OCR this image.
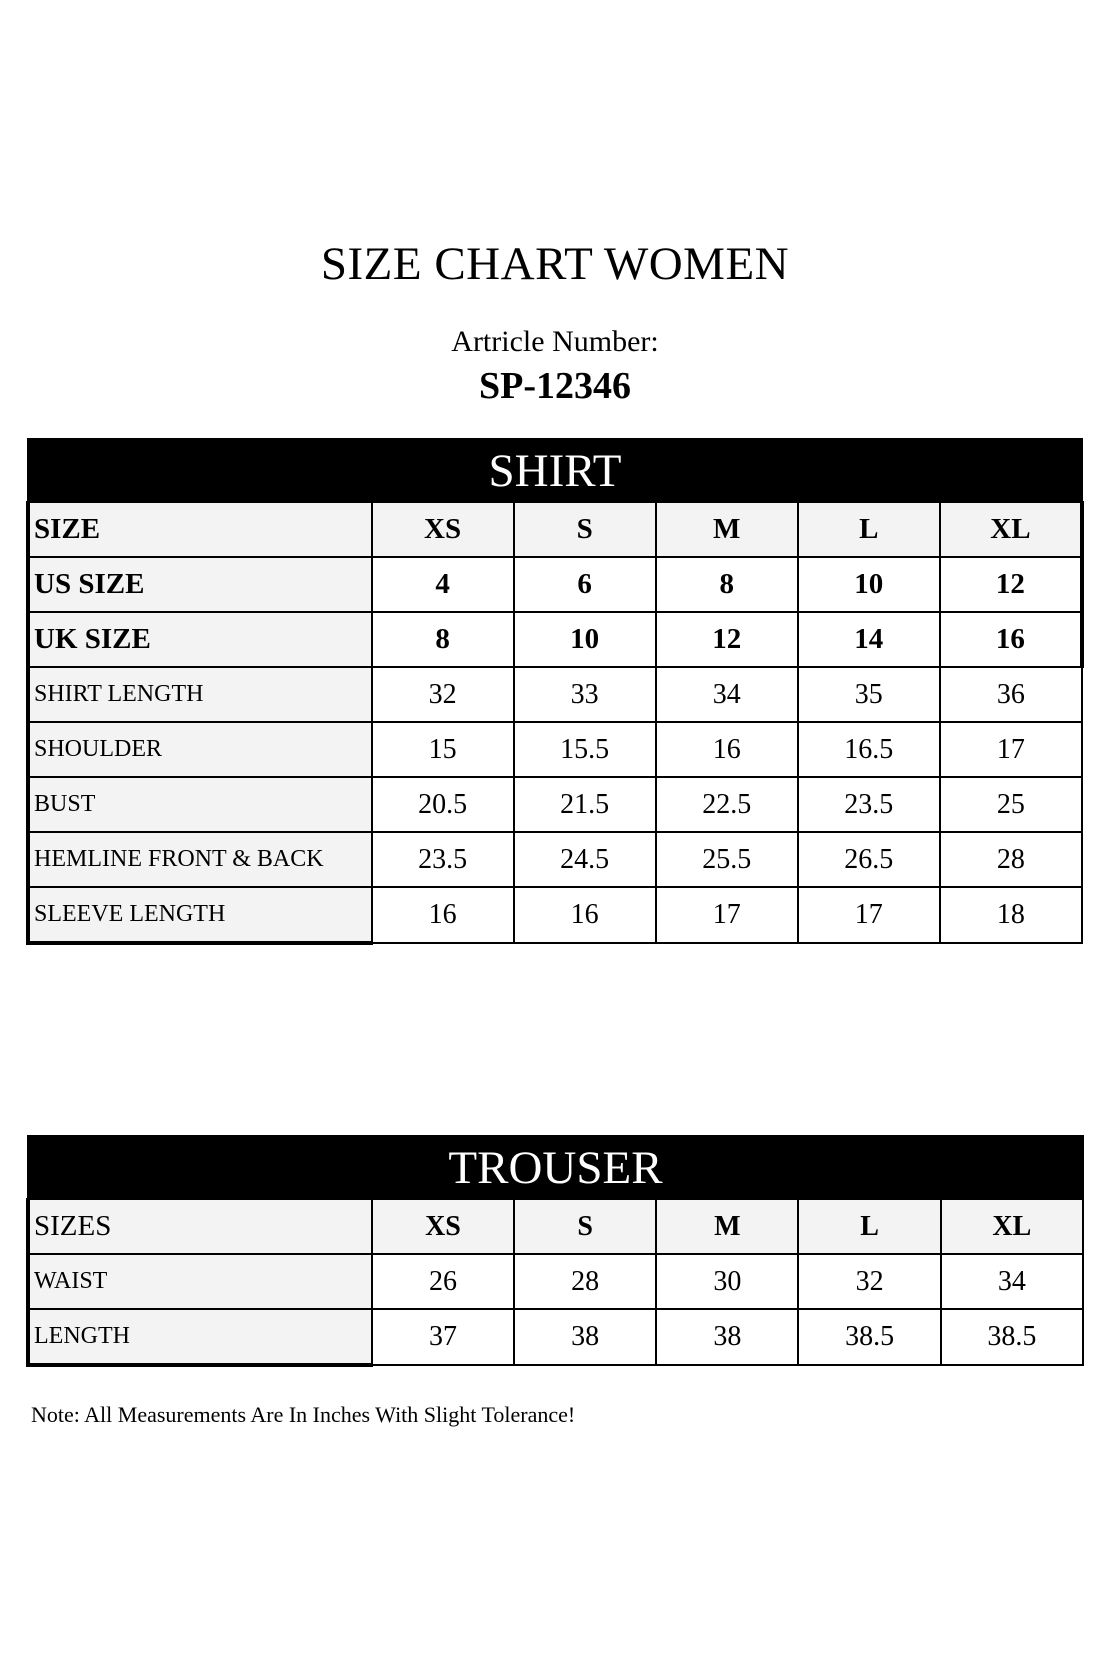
SIZE CHART WOMEN
Artricle Number:
SP-12346
SHIRT					
SIZE	XS	S	M	L	XL
US SIZE	4	6	8	10	12
UK SIZE	8	10	12	14	16
SHIRT LENGTH	32	33	34	35	36
SHOULDER	15	15.5	16	16.5	17
BUST	20.5	21.5	22.5	23.5	25
HEMLINE FRONT & BACK	23.5	24.5	25.5	26.5	28
SLEEVE LENGTH	16	16	17	17	18
TROUSER					
SIZES	XS	S	M	L	XL
WAIST	26	28	30	32	34
LENGTH	37	38	38	38.5	38.5
Note: All Measurements Are In Inches With Slight Tolerance!
